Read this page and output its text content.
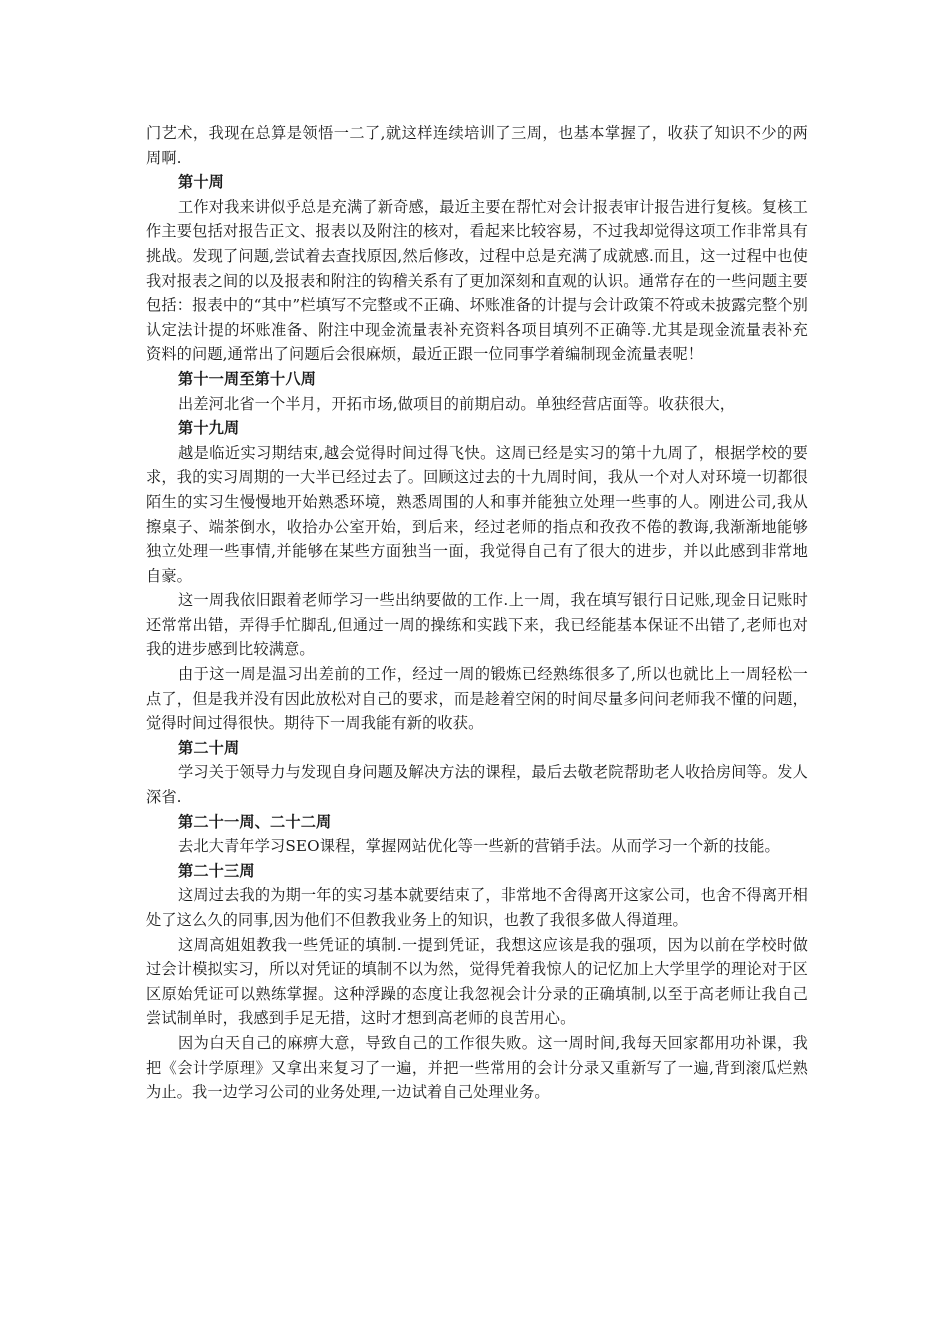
门艺术，我现在总算是领悟一二了,就这样连续培训了三周，也基本掌握了，收获了知识不少的两周啊.

第十周

工作对我来讲似乎总是充满了新奇感，最近主要在帮忙对会计报表审计报告进行复核。复核工作主要包括对报告正文、报表以及附注的核对，看起来比较容易，不过我却觉得这项工作非常具有挑战。发现了问题,尝试着去查找原因,然后修改，过程中总是充满了成就感.而且，这一过程中也使我对报表之间的以及报表和附注的钩稽关系有了更加深刻和直观的认识。通常存在的一些问题主要包括：报表中的“其中”栏填写不完整或不正确、坏账准备的计提与会计政策不符或未披露完整个别认定法计提的坏账准备、附注中现金流量表补充资料各项目填列不正确等.尤其是现金流量表补充资料的问题,通常出了问题后会很麻烦，最近正跟一位同事学着编制现金流量表呢！

第十一周至第十八周

出差河北省一个半月，开拓市场,做项目的前期启动。单独经营店面等。收获很大，

第十九周

越是临近实习期结束,越会觉得时间过得飞快。这周已经是实习的第十九周了，根据学校的要求，我的实习周期的一大半已经过去了。回顾这过去的十九周时间，我从一个对人对环境一切都很陌生的实习生慢慢地开始熟悉环境，熟悉周围的人和事并能独立处理一些事的人。刚进公司,我从擦桌子、端茶倒水，收拾办公室开始，到后来，经过老师的指点和孜孜不倦的教诲,我渐渐地能够独立处理一些事情,并能够在某些方面独当一面，我觉得自己有了很大的进步，并以此感到非常地自豪。

这一周我依旧跟着老师学习一些出纳要做的工作.上一周，我在填写银行日记账,现金日记账时还常常出错，弄得手忙脚乱,但通过一周的操练和实践下来，我已经能基本保证不出错了,老师也对我的进步感到比较满意。

由于这一周是温习出差前的工作，经过一周的锻炼已经熟练很多了,所以也就比上一周轻松一点了，但是我并没有因此放松对自己的要求，而是趁着空闲的时间尽量多问问老师我不懂的问题，觉得时间过得很快。期待下一周我能有新的收获。

第二十周

学习关于领导力与发现自身问题及解决方法的课程，最后去敬老院帮助老人收拾房间等。发人深省.

第二十一周、二十二周

去北大青年学习SEO课程，掌握网站优化等一些新的营销手法。从而学习一个新的技能。

第二十三周

这周过去我的为期一年的实习基本就要结束了，非常地不舍得离开这家公司，也舍不得离开相处了这么久的同事,因为他们不但教我业务上的知识，也教了我很多做人得道理。

这周高姐姐教我一些凭证的填制.一提到凭证，我想这应该是我的强项，因为以前在学校时做过会计模拟实习，所以对凭证的填制不以为然，觉得凭着我惊人的记忆加上大学里学的理论对于区区原始凭证可以熟练掌握。这种浮躁的态度让我忽视会计分录的正确填制,以至于高老师让我自己尝试制单时，我感到手足无措，这时才想到高老师的良苦用心。

因为白天自己的麻痹大意，导致自己的工作很失败。这一周时间,我每天回家都用功补课，我把《会计学原理》又拿出来复习了一遍，并把一些常用的会计分录又重新写了一遍,背到滚瓜烂熟为止。我一边学习公司的业务处理,一边试着自己处理业务。
